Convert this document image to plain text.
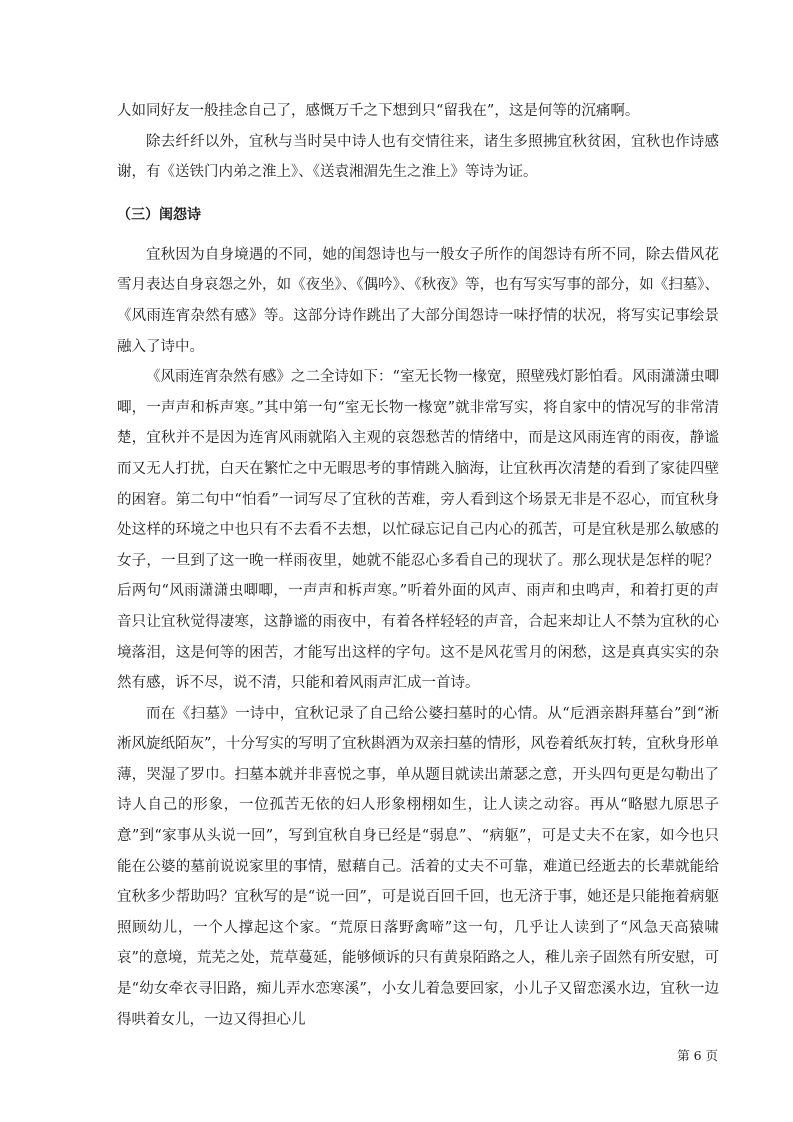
人如同好友一般挂念自己了，感慨万千之下想到只“留我在”，这是何等的沉痛啊。

除去纤纤以外，宜秋与当时吴中诗人也有交情往来，诸生多照拂宜秋贫困，宜秋也作诗感谢，有《送铁门内弟之淮上》、《送袁湘湄先生之淮上》等诗为证。

（三）闺怨诗

宜秋因为自身境遇的不同，她的闺怨诗也与一般女子所作的闺怨诗有所不同，除去借风花雪月表达自身哀怨之外，如《夜坐》、《偶吟》、《秋夜》等，也有写实写事的部分，如《扫墓》、《风雨连宵杂然有感》等。这部分诗作跳出了大部分闺怨诗一味抒情的状况，将写实记事绘景融入了诗中。

《风雨连宵杂然有感》之二全诗如下：“室无长物一椽宽，照壁残灯影怕看。风雨潇潇虫唧唧，一声声和柝声寒。”其中第一句“室无长物一椽宽”就非常写实，将自家中的情况写的非常清楚，宜秋并不是因为连宵风雨就陷入主观的哀怨愁苦的情绪中，而是这风雨连宵的雨夜，静谧而又无人打扰，白天在繁忙之中无暇思考的事情跳入脑海，让宜秋再次清楚的看到了家徒四壁的困窘。第二句中“怕看”一词写尽了宜秋的苦难，旁人看到这个场景无非是不忍心，而宜秋身处这样的环境之中也只有不去看不去想，以忙碌忘记自己内心的孤苦，可是宜秋是那么敏感的女子，一旦到了这一晚一样雨夜里，她就不能忍心多看自己的现状了。那么现状是怎样的呢？后两句“风雨潇潇虫唧唧，一声声和柝声寒。”听着外面的风声、雨声和虫鸣声，和着打更的声音只让宜秋觉得凄寒，这静谧的雨夜中，有着各样轻轻的声音，合起来却让人不禁为宜秋的心境落泪，这是何等的困苦，才能写出这样的字句。这不是风花雪月的闲愁，这是真真实实的杂然有感，诉不尽，说不清，只能和着风雨声汇成一首诗。

而在《扫墓》一诗中，宜秋记录了自己给公婆扫墓时的心情。从“卮酒亲斟拜墓台”到“淅淅风旋纸陌灰”，十分写实的写明了宜秋斟酒为双亲扫墓的情形，风卷着纸灰打转，宜秋身形单薄，哭湿了罗巾。扫墓本就并非喜悦之事，单从题目就读出萧瑟之意，开头四句更是勾勒出了诗人自己的形象，一位孤苦无依的妇人形象栩栩如生，让人读之动容。再从“略慰九原思子意”到“家事从头说一回”，写到宜秋自身已经是“弱息”、“病躯”，可是丈夫不在家，如今也只能在公婆的墓前说说家里的事情，慰藉自己。活着的丈夫不可靠，难道已经逝去的长辈就能给宜秋多少帮助吗？宜秋写的是“说一回”，可是说百回千回，也无济于事，她还是只能拖着病躯照顾幼儿，一个人撑起这个家。“荒原日落野禽啼”这一句，几乎让人读到了“风急天高猿啸哀”的意境，荒芜之处，荒草蔓延，能够倾诉的只有黄泉陌路之人，稚儿亲子固然有所安慰，可是“幼女牵衣寻旧路，痴儿弄水恋寒溪”，小女儿着急要回家，小儿子又留恋溪水边，宜秋一边得哄着女儿，一边又得担心儿

第 6 页
